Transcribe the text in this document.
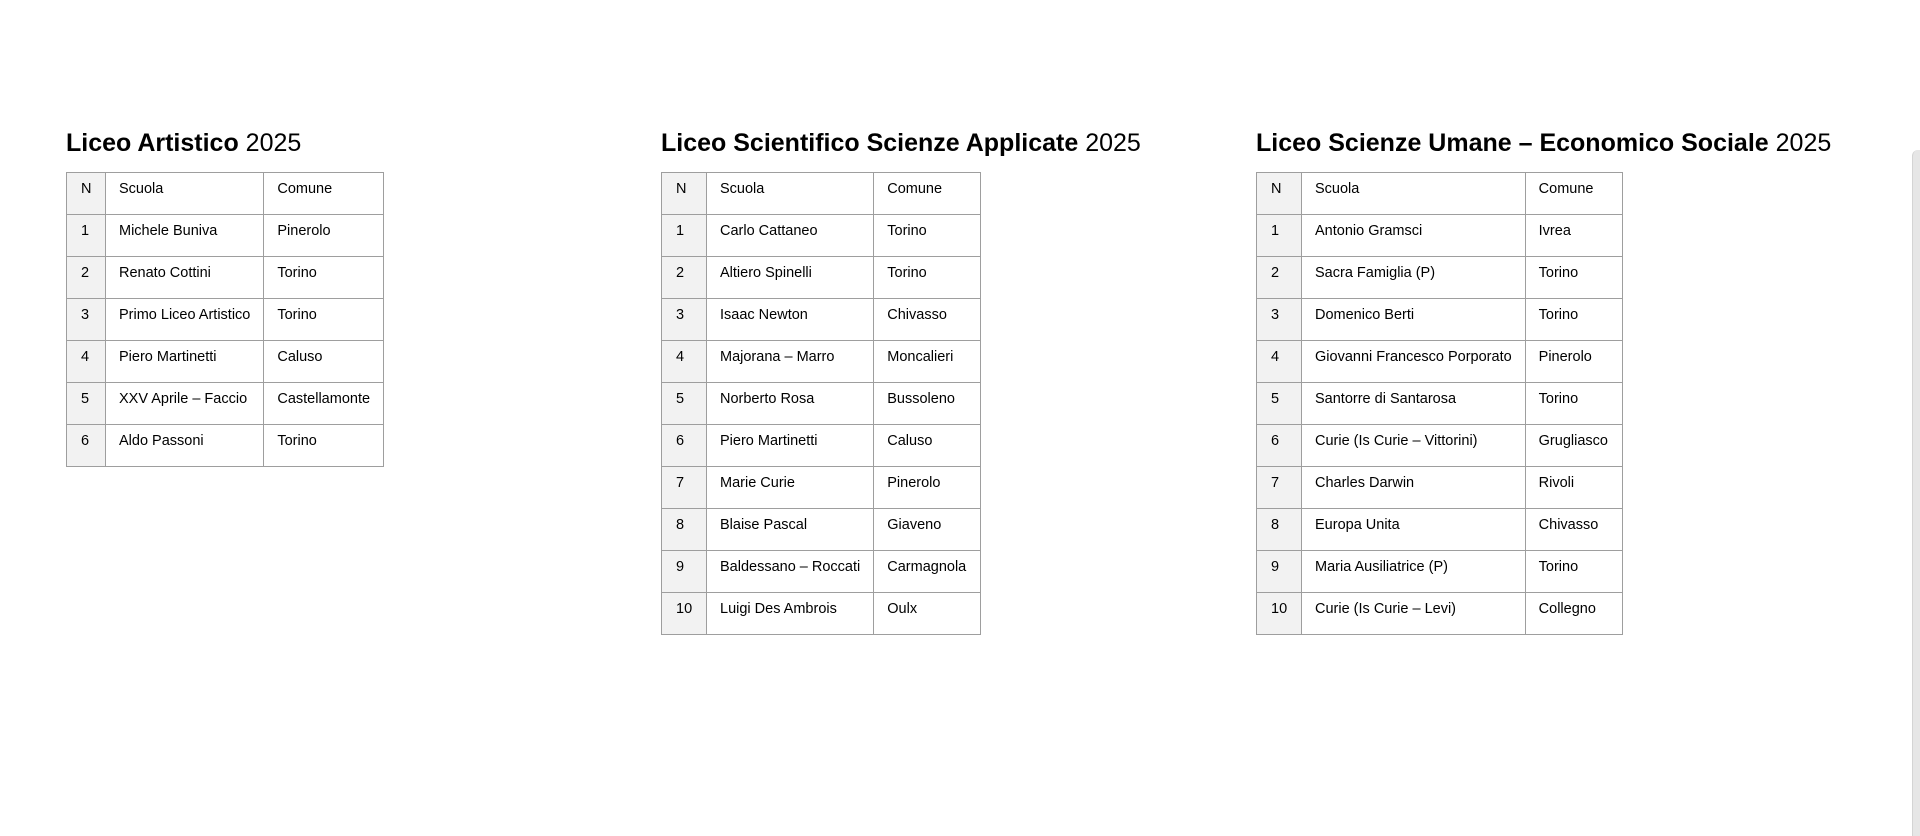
Liceo Artistico 2025
N	Scuola	Comune
1	Michele Buniva	Pinerolo
2	Renato Cottini	Torino
3	Primo Liceo Artistico	Torino
4	Piero Martinetti	Caluso
5	XXV Aprile – Faccio	Castellamonte
6	Aldo Passoni	Torino
Liceo Scientifico Scienze Applicate 2025
N	Scuola	Comune
1	Carlo Cattaneo	Torino
2	Altiero Spinelli	Torino
3	Isaac Newton	Chivasso
4	Majorana – Marro	Moncalieri
5	Norberto Rosa	Bussoleno
6	Piero Martinetti	Caluso
7	Marie Curie	Pinerolo
8	Blaise Pascal	Giaveno
9	Baldessano – Roccati	Carmagnola
10	Luigi Des Ambrois	Oulx
Liceo Scienze Umane – Economico Sociale 2025
N	Scuola	Comune
1	Antonio Gramsci	Ivrea
2	Sacra Famiglia (P)	Torino
3	Domenico Berti	Torino
4	Giovanni Francesco Porporato	Pinerolo
5	Santorre di Santarosa	Torino
6	Curie (Is Curie – Vittorini)	Grugliasco
7	Charles Darwin	Rivoli
8	Europa Unita	Chivasso
9	Maria Ausiliatrice (P)	Torino
10	Curie (Is Curie – Levi)	Collegno
